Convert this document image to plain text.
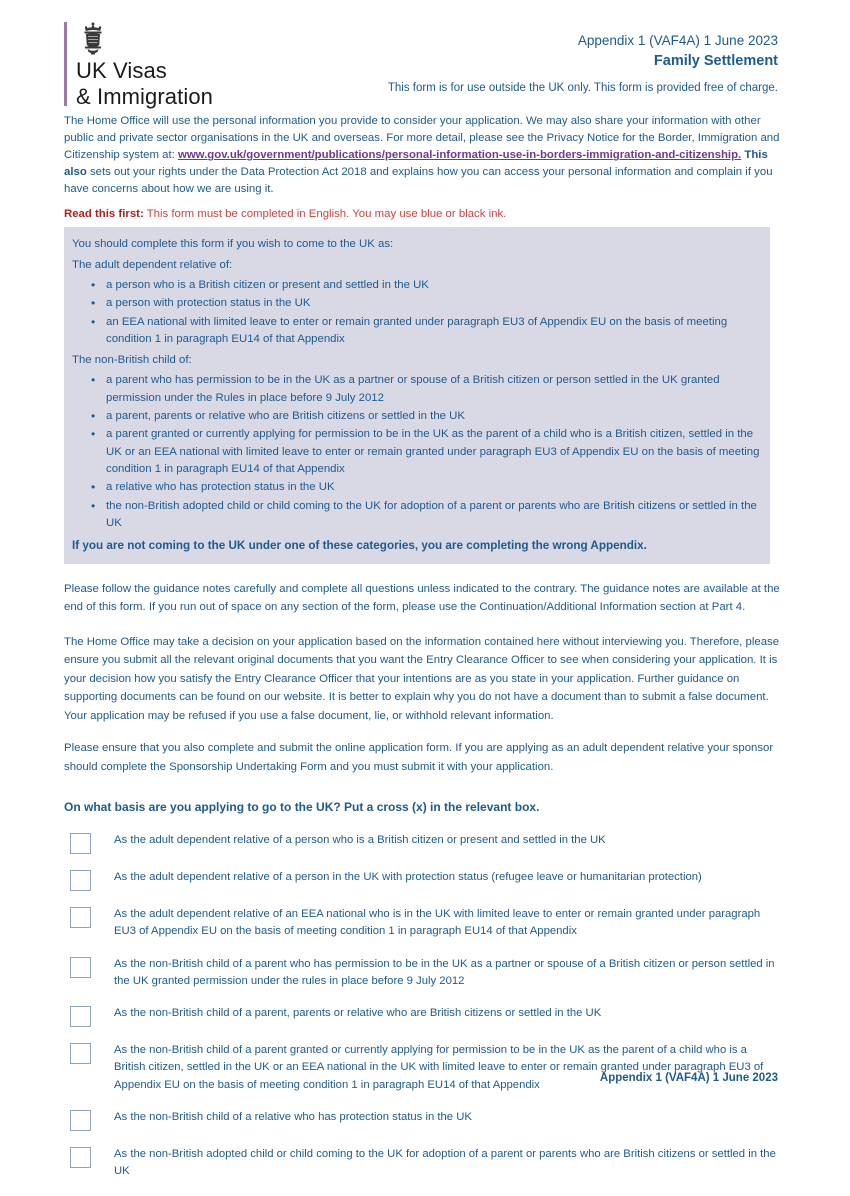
UK Visas
& Immigration
Appendix 1 (VAF4A) 1 June 2023
Family Settlement
This form is for use outside the UK only. This form is provided free of charge.

The Home Office will use the personal information you provide to consider your application. We may also share your information with other public and private sector organisations in the UK and overseas. For more detail, please see the Privacy Notice for the Border, Immigration and Citizenship system at: www.gov.uk/government/publications/personal-information-use-in-borders-immigration-and-citizenship. This also sets out your rights under the Data Protection Act 2018 and explains how you can access your personal information and complain if you have concerns about how we are using it.

Read this first: This form must be completed in English. You may use blue or black ink.

You should complete this form if you wish to come to the UK as:

The adult dependent relative of:

• a person who is a British citizen or present and settled in the UK
• a person with protection status in the UK
• an EEA national with limited leave to enter or remain granted under paragraph EU3 of Appendix EU on the basis of meeting condition 1 in paragraph EU14 of that Appendix

The non-British child of:

• a parent who has permission to be in the UK as a partner or spouse of a British citizen or person settled in the UK granted permission under the Rules in place before 9 July 2012
• a parent, parents or relative who are British citizens or settled in the UK
• a parent granted or currently applying for permission to be in the UK as the parent of a child who is a British citizen, settled in the UK or an EEA national with limited leave to enter or remain granted under paragraph EU3 of Appendix EU on the basis of meeting condition 1 in paragraph EU14 of that Appendix
• a relative who has protection status in the UK
• the non-British adopted child or child coming to the UK for adoption of a parent or parents who are British citizens or settled in the UK

If you are not coming to the UK under one of these categories, you are completing the wrong Appendix.

Please follow the guidance notes carefully and complete all questions unless indicated to the contrary. The guidance notes are available at the end of this form. If you run out of space on any section of the form, please use the Continuation/Additional Information section at Part 4.

The Home Office may take a decision on your application based on the information contained here without interviewing you. Therefore, please ensure you submit all the relevant original documents that you want the Entry Clearance Officer to see when considering your application. It is your decision how you satisfy the Entry Clearance Officer that your intentions are as you state in your application. Further guidance on supporting documents can be found on our website. It is better to explain why you do not have a document than to submit a false document. Your application may be refused if you use a false document, lie, or withhold relevant information.

Please ensure that you also complete and submit the online application form. If you are applying as an adult dependent relative your sponsor should complete the Sponsorship Undertaking Form and you must submit it with your application.

On what basis are you applying to go to the UK? Put a cross (x) in the relevant box.

As the adult dependent relative of a person who is a British citizen or present and settled in the UK
As the adult dependent relative of a person in the UK with protection status (refugee leave or humanitarian protection)
As the adult dependent relative of an EEA national who is in the UK with limited leave to enter or remain granted under paragraph EU3 of Appendix EU on the basis of meeting condition 1 in paragraph EU14 of that Appendix
As the non-British child of a parent who has permission to be in the UK as a partner or spouse of a British citizen or person settled in the UK granted permission under the rules in place before 9 July 2012
As the non-British child of a parent, parents or relative who are British citizens or settled in the UK
As the non-British child of a parent granted or currently applying for permission to be in the UK as the parent of a child who is a British citizen, settled in the UK or an EEA national in the UK with limited leave to enter or remain granted under paragraph EU3 of Appendix EU on the basis of meeting condition 1 in paragraph EU14 of that Appendix
As the non-British child of a relative who has protection status in the UK
As the non-British adopted child or child coming to the UK for adoption of a parent or parents who are British citizens or settled in the UK
Appendix 1 (VAF4A) 1 June 2023
